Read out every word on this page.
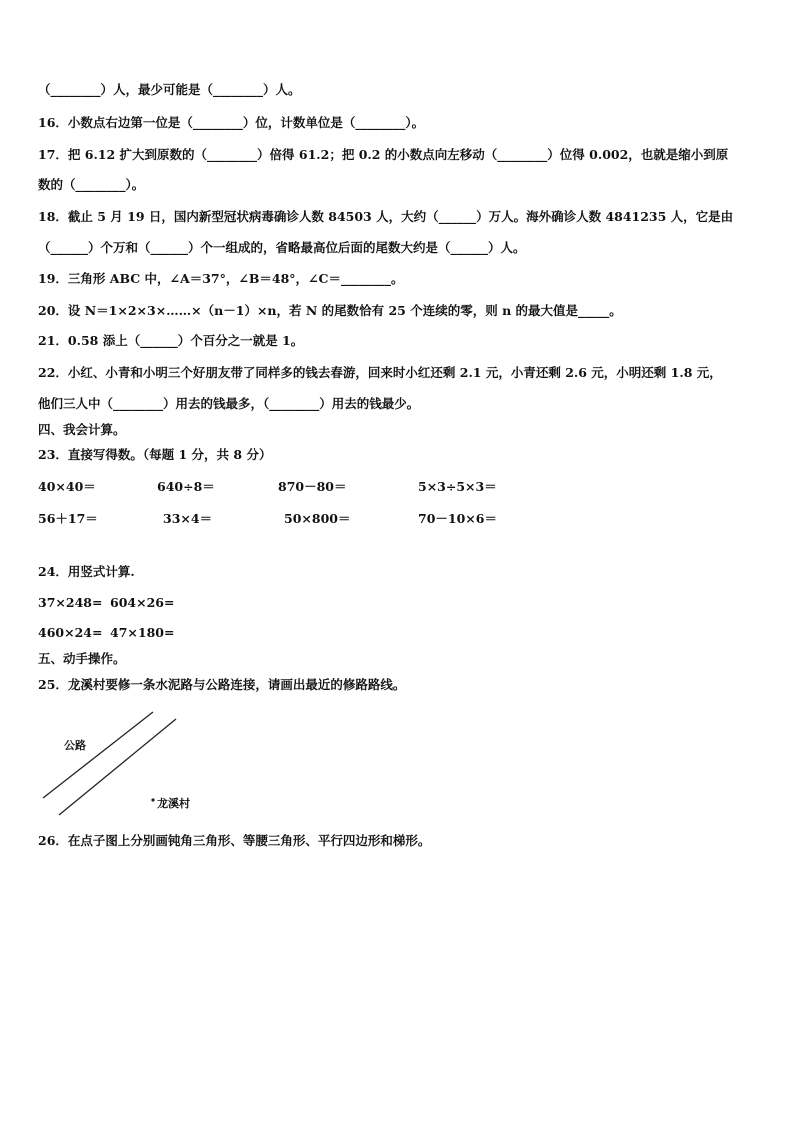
（________）人，最少可能是（________）人。
16．小数点右边第一位是（________）位，计数单位是（________）。
17．把 6.12 扩大到原数的（________）倍得 61.2；把 0.2 的小数点向左移动（________）位得 0.002，也就是缩小到原
数的（________）。
18．截止 5 月 19 日，国内新型冠状病毒确诊人数 84503 人，大约（______）万人。海外确诊人数 4841235 人，它是由
（______）个万和（______）个一组成的，省略最高位后面的尾数大约是（______）人。
19．三角形 ABC 中，∠A＝37°，∠B＝48°，∠C＝________。
20．设 N＝1×2×3×……×（n－1）×n，若 N 的尾数恰有 25 个连续的零，则 n 的最大值是_____。
21．0.58 添上（______）个百分之一就是 1。
22．小红、小青和小明三个好朋友带了同样多的钱去春游，回来时小红还剩 2.1 元，小青还剩 2.6 元，小明还剩 1.8 元，
他们三人中（________）用去的钱最多，（________）用去的钱最少。
四、我会计算。
23．直接写得数。（每题 1 分，共 8 分）
40×40＝	640÷8＝	870－80＝	5×3÷5×3＝
56＋17＝	33×4＝	50×800＝	70－10×6＝
24．用竖式计算.
37×248= 604×26=
460×24= 47×180=
五、动手操作。
25．龙溪村要修一条水泥路与公路连接，请画出最近的修路路线。
公路
龙溪村
26．在点子图上分别画钝角三角形、等腰三角形、平行四边形和梯形。
